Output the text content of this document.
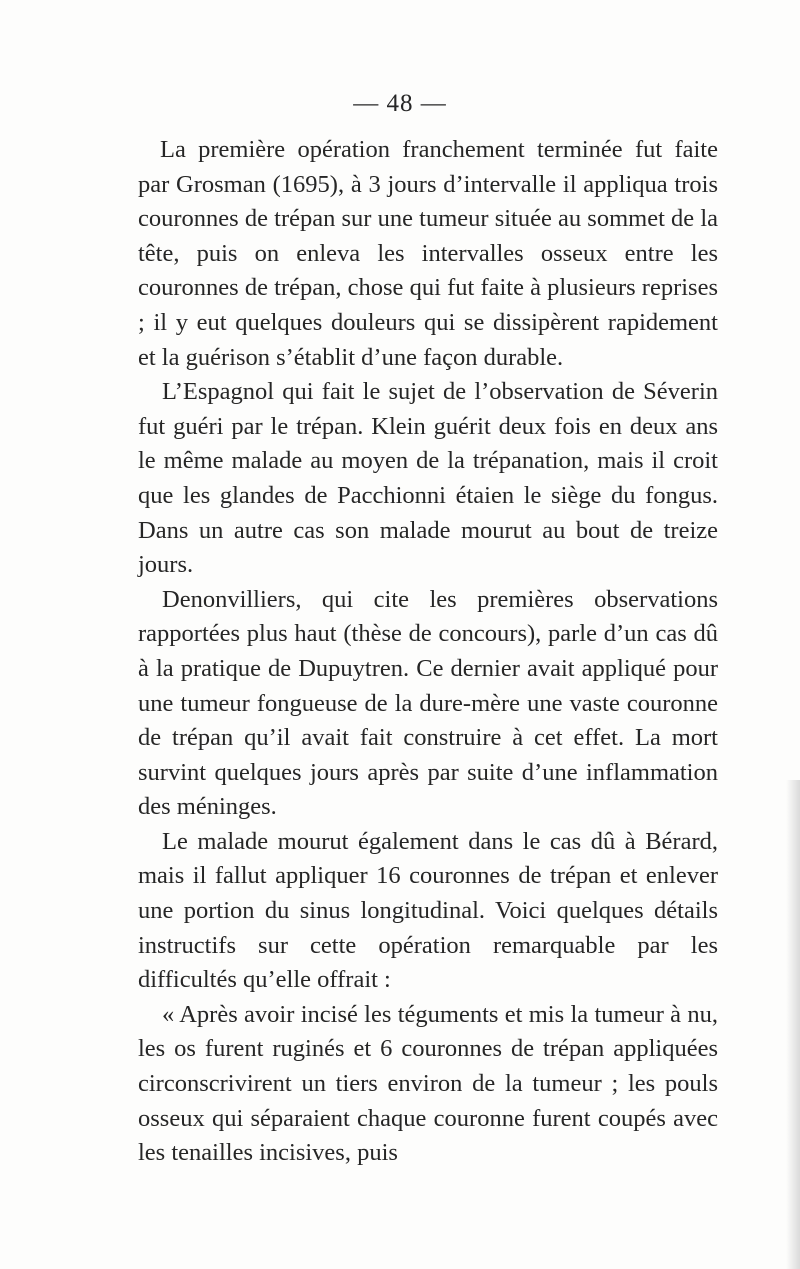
— 48 —

La première opération franchement terminée fut faite par Grosman (1695), à 3 jours d’intervalle il appliqua trois couronnes de trépan sur une tumeur située au sommet de la tête, puis on enleva les intervalles osseux entre les couronnes de trépan, chose qui fut faite à plusieurs reprises ; il y eut quelques douleurs qui se dissipèrent rapidement et la guérison s’établit d’une façon durable.

L’Espagnol qui fait le sujet de l’observation de Séverin fut guéri par le trépan. Klein guérit deux fois en deux ans le même malade au moyen de la trépanation, mais il croit que les glandes de Pacchionni étaien le siège du fongus. Dans un autre cas son malade mourut au bout de treize jours.

Denonvilliers, qui cite les premières observations rapportées plus haut (thèse de concours), parle d’un cas dû à la pratique de Dupuytren. Ce dernier avait appliqué pour une tumeur fongueuse de la dure-mère une vaste couronne de trépan qu’il avait fait construire à cet effet. La mort survint quelques jours après par suite d’une inflammation des méninges.

Le malade mourut également dans le cas dû à Bérard, mais il fallut appliquer 16 couronnes de trépan et enlever une portion du sinus longitudinal. Voici quelques détails instructifs sur cette opération remarquable par les difficultés qu’elle offrait :

« Après avoir incisé les téguments et mis la tumeur à nu, les os furent ruginés et 6 couronnes de trépan appliquées circonscrivirent un tiers environ de la tumeur ; les pouls osseux qui séparaient chaque couronne furent coupés avec les tenailles incisives, puis
